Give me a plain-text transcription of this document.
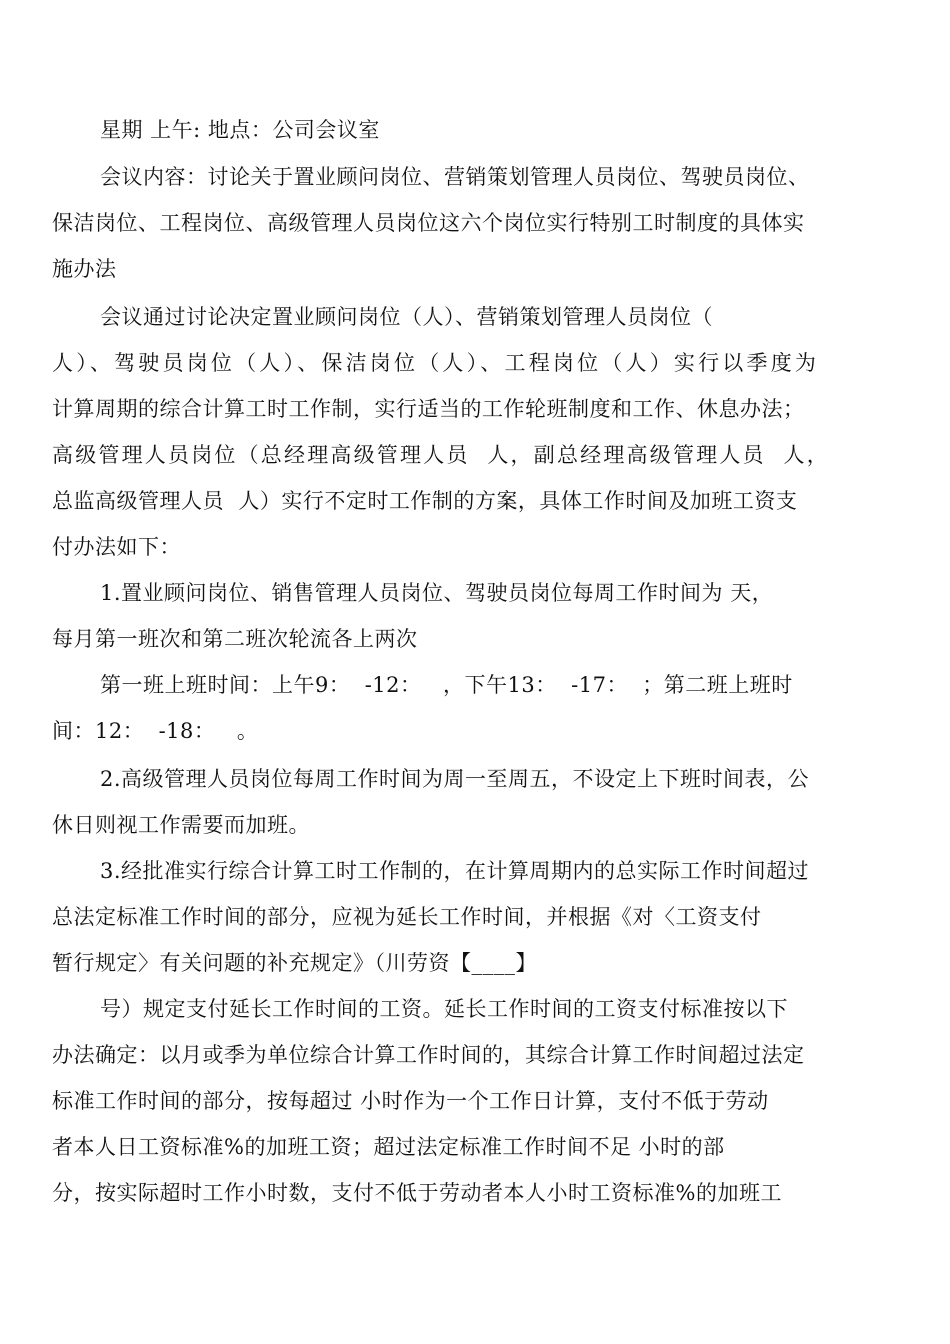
星期 上午: 地点：公司会议室
会议内容：讨论关于置业顾问岗位、营销策划管理人员岗位、驾驶员岗位、
保洁岗位、工程岗位、高级管理人员岗位这六个岗位实行特别工时制度的具体实
施办法
会议通过讨论决定置业顾问岗位（人）、营销策划管理人员岗位（
人）、驾驶员岗位（人）、保洁岗位（人）、工程岗位（人）实行以季度为
计算周期的综合计算工时工作制，实行适当的工作轮班制度和工作、休息办法；
高级管理人员岗位（总经理高级管理人员  人，副总经理高级管理人员  人，
总监高级管理人员  人）实行不定时工作制的方案，具体工作时间及加班工资支
付办法如下：
1.置业顾问岗位、销售管理人员岗位、驾驶员岗位每周工作时间为 天，
每月第一班次和第二班次轮流各上两次
第一班上班时间：上午9：  -12：   ，下午13：  -17：  ；第二班上班时
间：12：  -18：   。
2.高级管理人员岗位每周工作时间为周一至周五，不设定上下班时间表，公
休日则视工作需要而加班。
3.经批准实行综合计算工时工作制的，在计算周期内的总实际工作时间超过
总法定标准工作时间的部分，应视为延长工作时间，并根据《对〈工资支付
暂行规定〉有关问题的补充规定》（川劳资【____】
号）规定支付延长工作时间的工资。延长工作时间的工资支付标准按以下
办法确定：以月或季为单位综合计算工作时间的，其综合计算工作时间超过法定
标准工作时间的部分，按每超过 小时作为一个工作日计算，支付不低于劳动
者本人日工资标准%的加班工资；超过法定标准工作时间不足 小时的部
分，按实际超时工作小时数，支付不低于劳动者本人小时工资标准%的加班工
